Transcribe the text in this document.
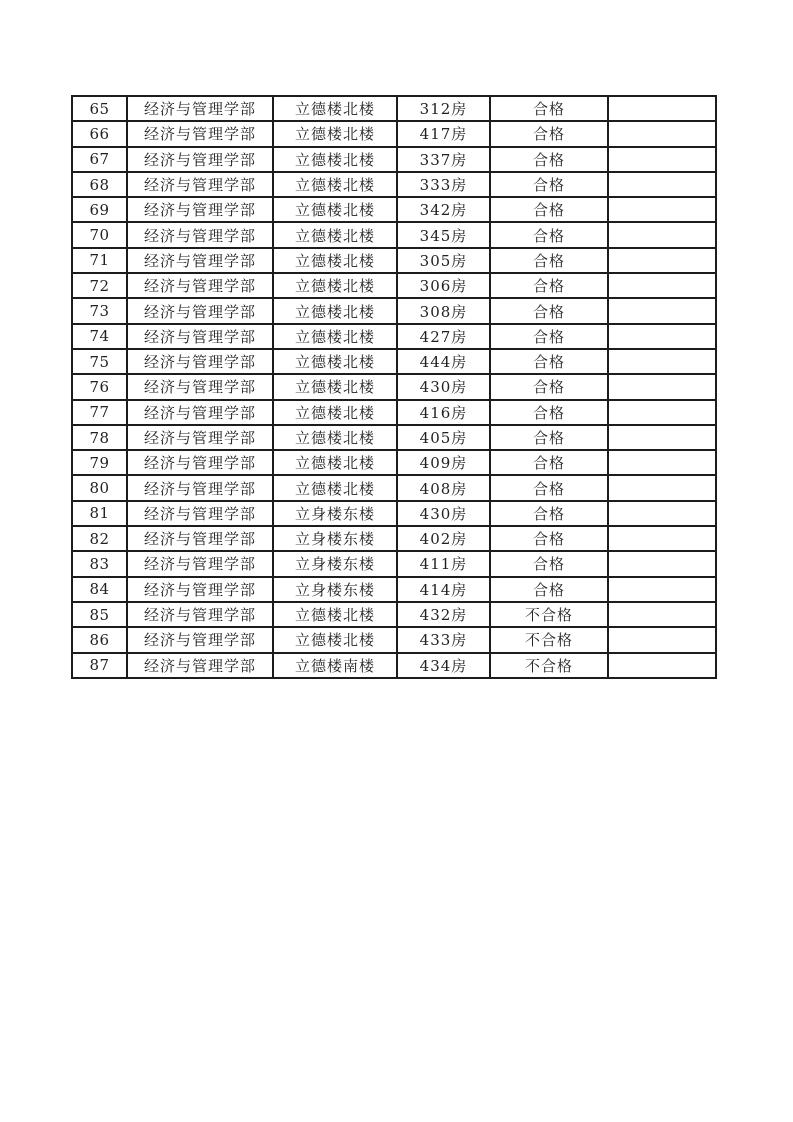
65	经济与管理学部	立德楼北楼	312房	合格	
66	经济与管理学部	立德楼北楼	417房	合格	
67	经济与管理学部	立德楼北楼	337房	合格	
68	经济与管理学部	立德楼北楼	333房	合格	
69	经济与管理学部	立德楼北楼	342房	合格	
70	经济与管理学部	立德楼北楼	345房	合格	
71	经济与管理学部	立德楼北楼	305房	合格	
72	经济与管理学部	立德楼北楼	306房	合格	
73	经济与管理学部	立德楼北楼	308房	合格	
74	经济与管理学部	立德楼北楼	427房	合格	
75	经济与管理学部	立德楼北楼	444房	合格	
76	经济与管理学部	立德楼北楼	430房	合格	
77	经济与管理学部	立德楼北楼	416房	合格	
78	经济与管理学部	立德楼北楼	405房	合格	
79	经济与管理学部	立德楼北楼	409房	合格	
80	经济与管理学部	立德楼北楼	408房	合格	
81	经济与管理学部	立身楼东楼	430房	合格	
82	经济与管理学部	立身楼东楼	402房	合格	
83	经济与管理学部	立身楼东楼	411房	合格	
84	经济与管理学部	立身楼东楼	414房	合格	
85	经济与管理学部	立德楼北楼	432房	不合格	
86	经济与管理学部	立德楼北楼	433房	不合格	
87	经济与管理学部	立德楼南楼	434房	不合格	
